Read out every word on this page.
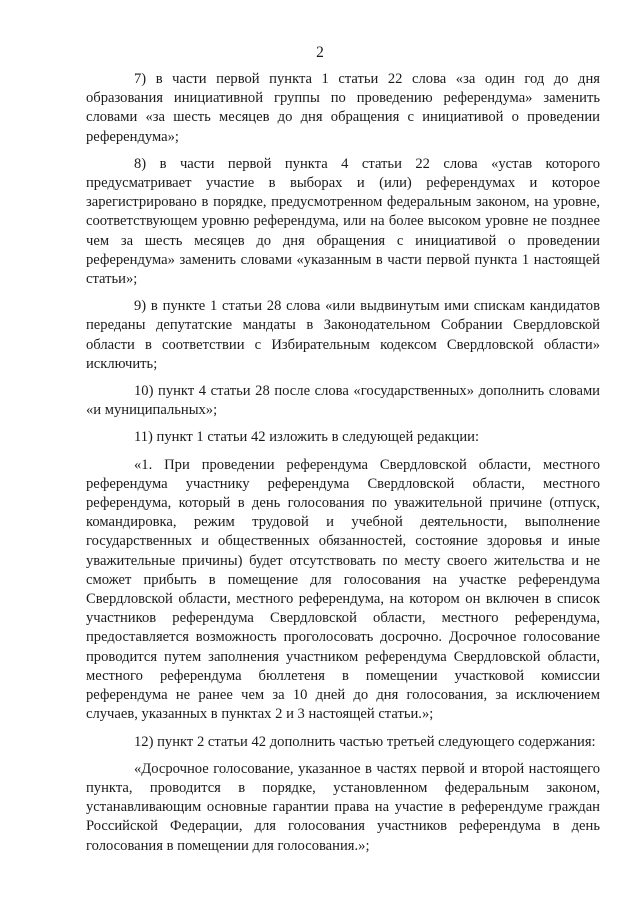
2

7) в части первой пункта 1 статьи 22 слова «за один год до дня образования инициативной группы по проведению референдума» заменить словами «за шесть месяцев до дня обращения с инициативой о проведении референдума»;

8) в части первой пункта 4 статьи 22 слова «устав которого предусматривает участие в выборах и (или) референдумах и которое зарегистрировано в порядке, предусмотренном федеральным законом, на уровне, соответствующем уровню референдума, или на более высоком уровне не позднее чем за шесть месяцев до дня обращения с инициативой о проведении референдума» заменить словами «указанным в части первой пункта 1 настоящей статьи»;

9) в пункте 1 статьи 28 слова «или выдвинутым ими спискам кандидатов переданы депутатские мандаты в Законодательном Собрании Свердловской области в соответствии с Избирательным кодексом Свердловской области» исключить;

10) пункт 4 статьи 28 после слова «государственных» дополнить словами «и муниципальных»;

11) пункт 1 статьи 42 изложить в следующей редакции:

«1. При проведении референдума Свердловской области, местного референдума участнику референдума Свердловской области, местного референдума, который в день голосования по уважительной причине (отпуск, командировка, режим трудовой и учебной деятельности, выполнение государственных и общественных обязанностей, состояние здоровья и иные уважительные причины) будет отсутствовать по месту своего жительства и не сможет прибыть в помещение для голосования на участке референдума Свердловской области, местного референдума, на котором он включен в список участников референдума Свердловской области, местного референдума, предоставляется возможность проголосовать досрочно. Досрочное голосование проводится путем заполнения участником референдума Свердловской области, местного референдума бюллетеня в помещении участковой комиссии референдума не ранее чем за 10 дней до дня голосования, за исключением случаев, указанных в пунктах 2 и 3 настоящей статьи.»;

12) пункт 2 статьи 42 дополнить частью третьей следующего содержания:

«Досрочное голосование, указанное в частях первой и второй настоящего пункта, проводится в порядке, установленном федеральным законом, устанавливающим основные гарантии права на участие в референдуме граждан Российской Федерации, для голосования участников референдума в день голосования в помещении для голосования.»;
